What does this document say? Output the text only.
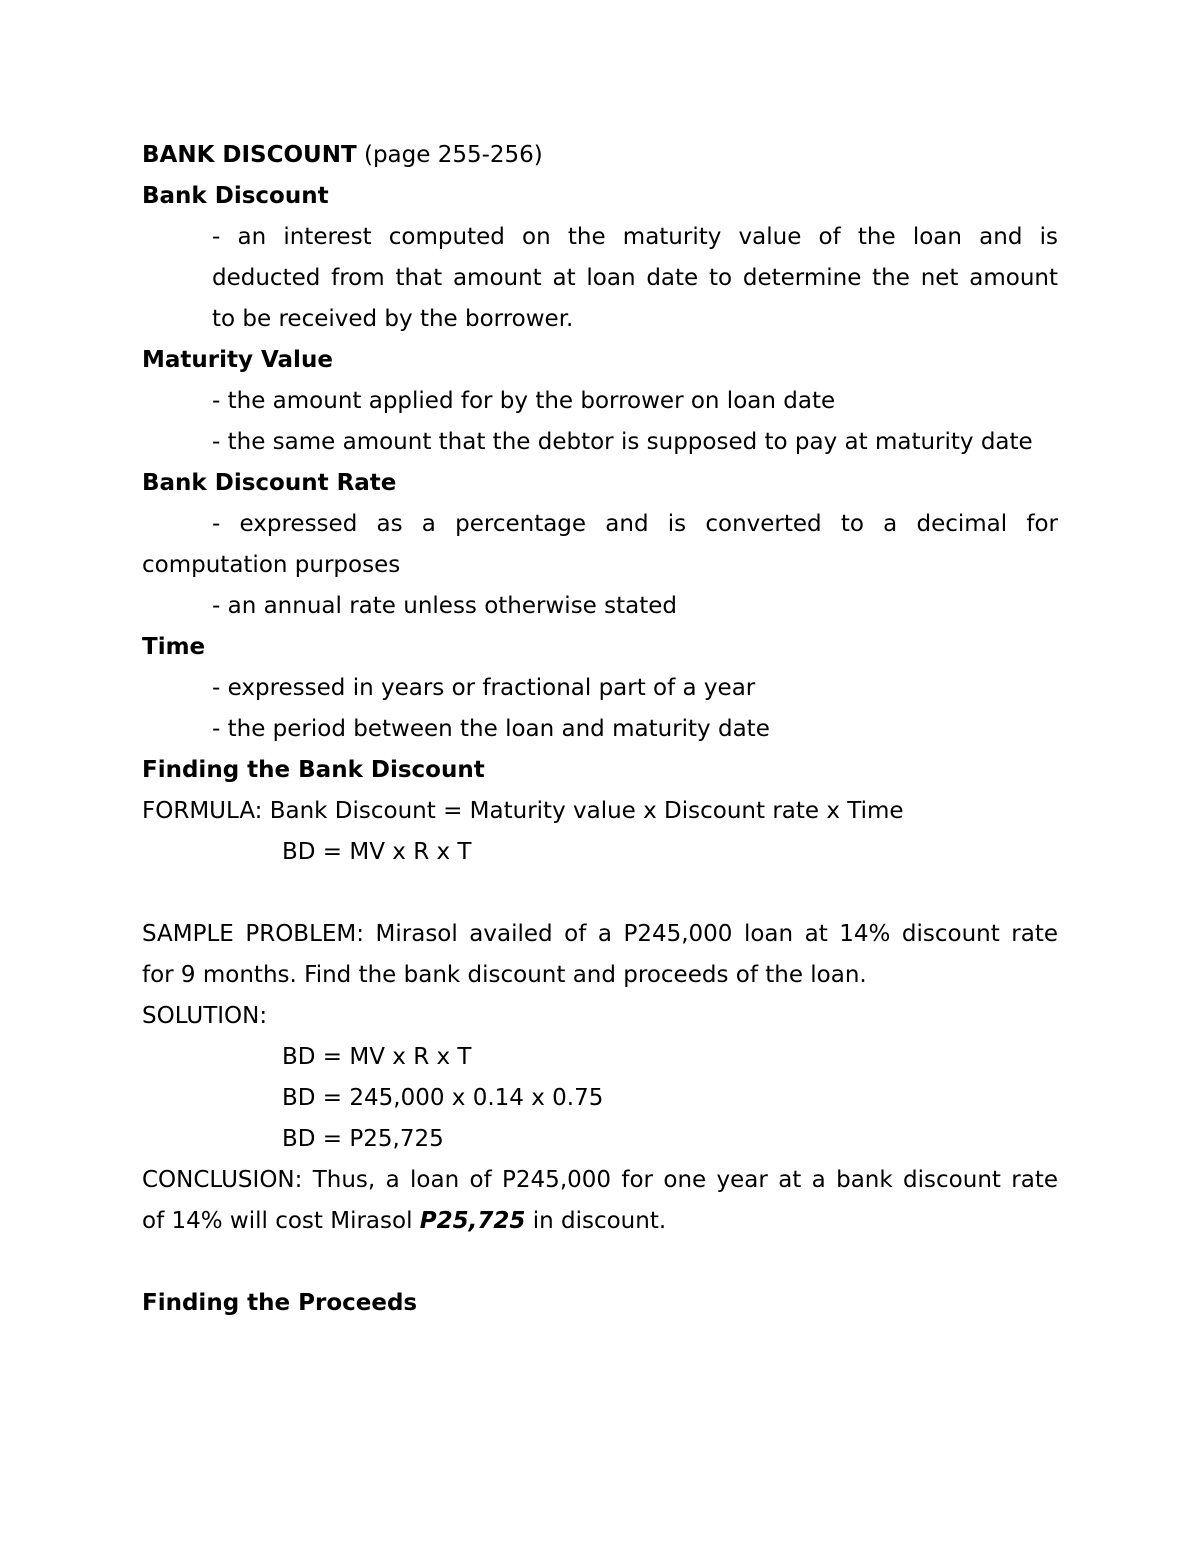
BANK DISCOUNT (page 255-256)
Bank Discount
- an interest computed on the maturity value of the loan and is
deducted from that amount at loan date to determine the net amount
to be received by the borrower.
Maturity Value
- the amount applied for by the borrower on loan date
- the same amount that the debtor is supposed to pay at maturity date
Bank Discount Rate
- expressed as a percentage and is converted to a decimal for
computation purposes
- an annual rate unless otherwise stated
Time
- expressed in years or fractional part of a year
- the period between the loan and maturity date
Finding the Bank Discount
FORMULA: Bank Discount = Maturity value x Discount rate x Time
BD = MV x R x T
SAMPLE PROBLEM: Mirasol availed of a P245,000 loan at 14% discount rate
for 9 months. Find the bank discount and proceeds of the loan.
SOLUTION:
BD = MV x R x T
BD = 245,000 x 0.14 x 0.75
BD = P25,725
CONCLUSION: Thus, a loan of P245,000 for one year at a bank discount rate
of 14% will cost Mirasol P25,725 in discount.
Finding the Proceeds
